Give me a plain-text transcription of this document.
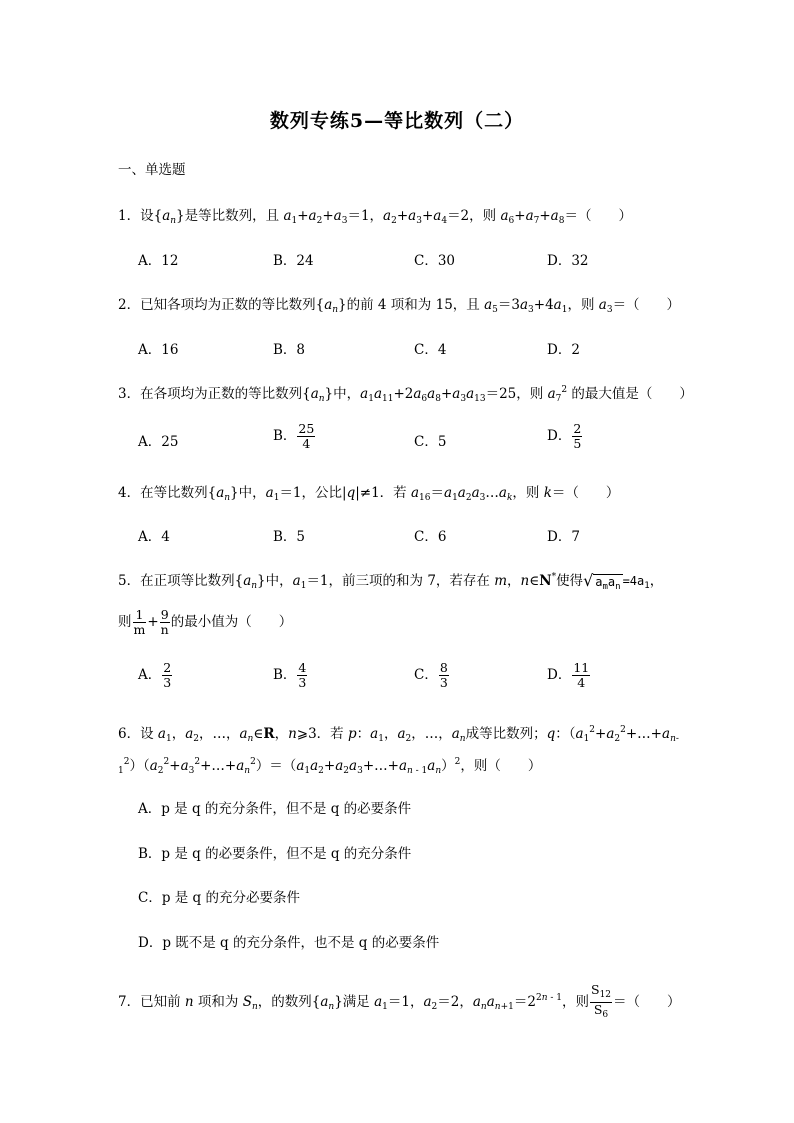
数列专练5—等比数列（二）
一、单选题
1．设$\{a_n\}$是等比数列，且 $a_1+a_2+a_3=1$，$a_2+a_3+a_4=2$，则 $a_6+a_7+a_8=$（　　）
A．12	B．24	C．30	D．32
2．已知各项均为正数的等比数列$\{a_n\}$的前 4 项和为 15，且 $a_5=3a_3+4a_1$，则 $a_3=$（　　）
A．16	B．8	C．4	D．2
3．在各项均为正数的等比数列$\{a_n\}$中，$a_1a_{11}+2a_6a_8+a_3a_{13}=25$，则 $a_7^2$ 的最大值是（　　）
A．25	B． $\frac{25}{4}$	C．5	D． $\frac{2}{5}$
4．在等比数列$\{a_n\}$中，$a_1=1$，公比|q|≠1．若 $a_{16}=a_1a_2a_3\dots a_k$，则 k＝（　　）
A．4	B．5	C．6	D．7
5．在正项等比数列$\{a_n\}$中，$a_1=1$，前三项的和为 7，若存在 m，n∈N*使得√ $a_ma_n =4a_1$，
则 $\frac{1}{m} + \frac{9}{n}$ 的最小值为（　　）
A． $\frac{2}{3}$	B． $\frac{4}{3}$	C． $\frac{8}{3}$	D． $\frac{11}{4}$
6．设 $a_1$，$a_2$，…，$a_n\in R$，n⩾3．若 p：$a_1$，$a_2$，…，$a_n$成等比数列；q：（$a_1^2+a_2^2+\dots+a_{n-}$
$_1^2)(a_2^2+a_3^2+\dots+a_n^2)=(a_1a_2+a_2a_3+\dots+a_n$ $_{- 1}a_n)^2$，则（　　）
A．p 是 q 的充分条件，但不是 q 的必要条件
B．p 是 q 的必要条件，但不是 q 的充分条件
C．p 是 q 的充分必要条件
D．p 既不是 q 的充分条件，也不是 q 的必要条件
7．已知前 n 项和为 $S_n$，的数列$\{a_n\}$满足 $a_1=1$，$a_2=2$，$a_na_{n+1}=2^{2n - 1}$，则 $\frac{S_{12}}{S_6}$ ＝（　　）
